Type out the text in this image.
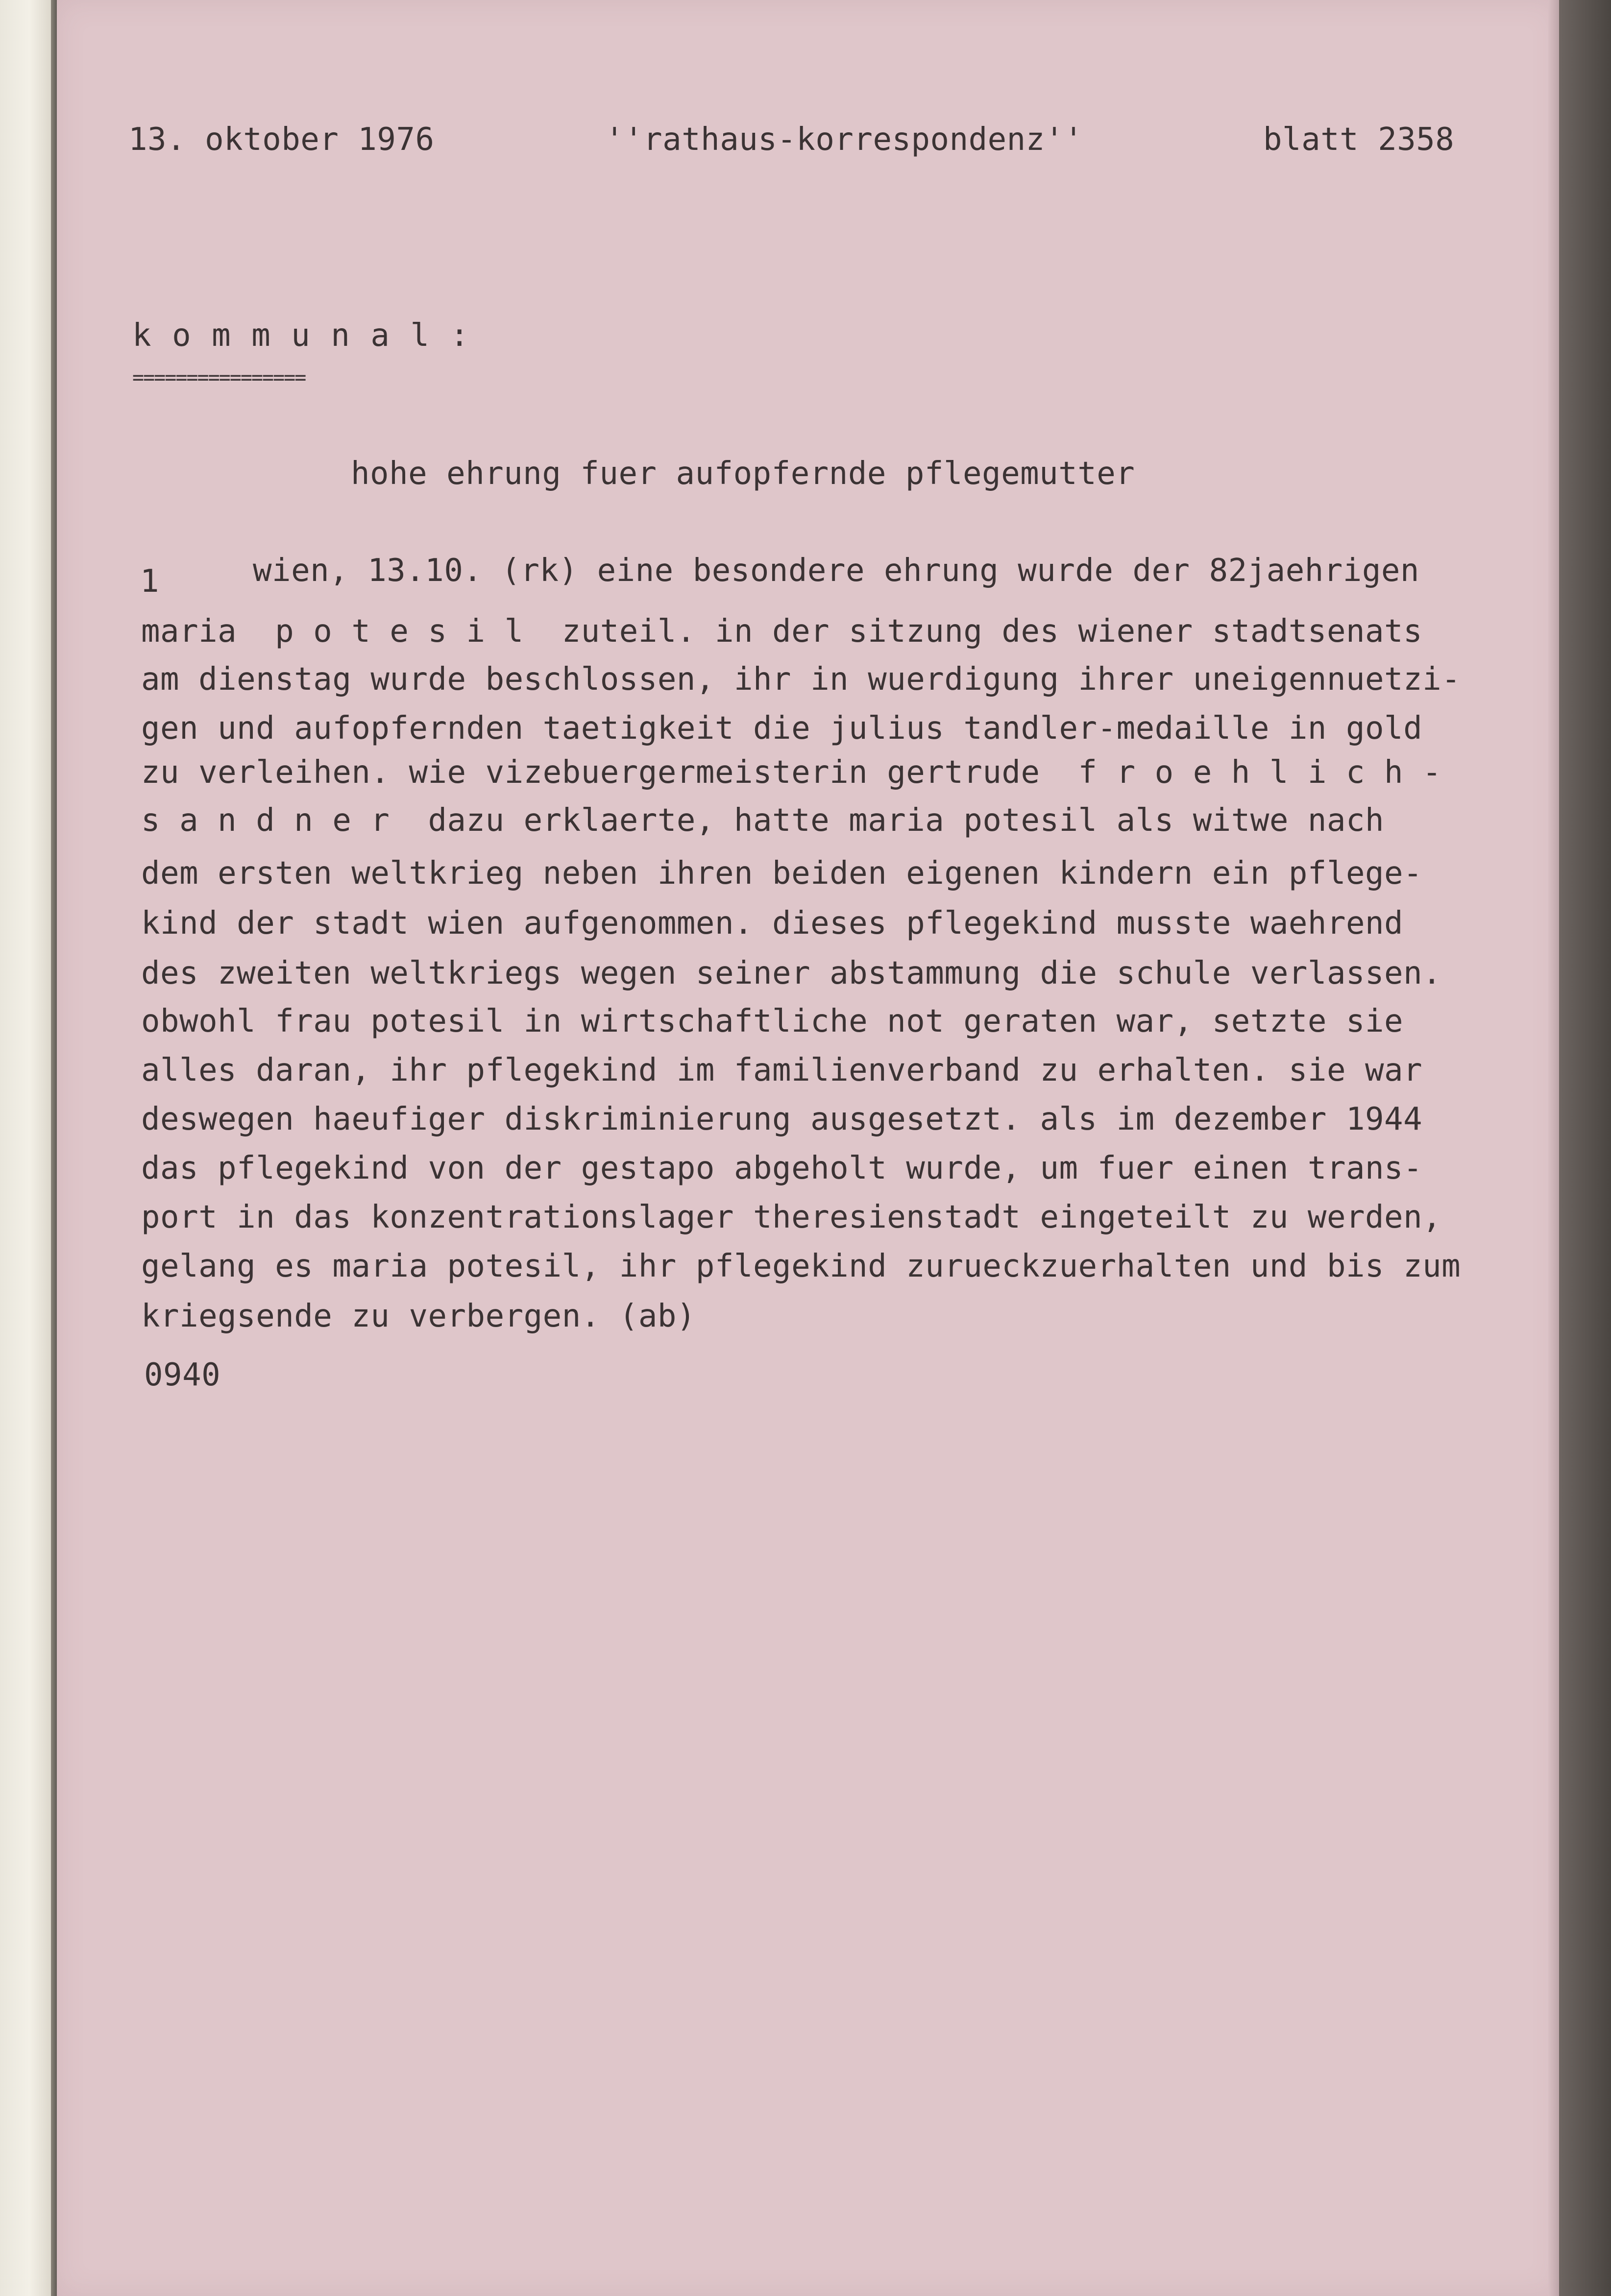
13. oktober 1976	''rathaus-korrespondenz''	blatt 2358
k o m m u n a l :
================
hohe ehrung fuer aufopfernde pflegemutter
1	wien, 13.10. (rk) eine besondere ehrung wurde der 82jaehrigen
maria  p o t e s i l  zuteil. in der sitzung des wiener stadtsenats
am dienstag wurde beschlossen, ihr in wuerdigung ihrer uneigennuetzi-
gen und aufopfernden taetigkeit die julius tandler-medaille in gold
zu verleihen. wie vizebuergermeisterin gertrude  f r o e h l i c h -
s a n d n e r  dazu erklaerte, hatte maria potesil als witwe nach
dem ersten weltkrieg neben ihren beiden eigenen kindern ein pflege-
kind der stadt wien aufgenommen. dieses pflegekind musste waehrend
des zweiten weltkriegs wegen seiner abstammung die schule verlassen.
obwohl frau potesil in wirtschaftliche not geraten war, setzte sie
alles daran, ihr pflegekind im familienverband zu erhalten. sie war
deswegen haeufiger diskriminierung ausgesetzt. als im dezember 1944
das pflegekind von der gestapo abgeholt wurde, um fuer einen trans-
port in das konzentrationslager theresienstadt eingeteilt zu werden,
gelang es maria potesil, ihr pflegekind zurueckzuerhalten und bis zum
kriegsende zu verbergen. (ab)
0940
